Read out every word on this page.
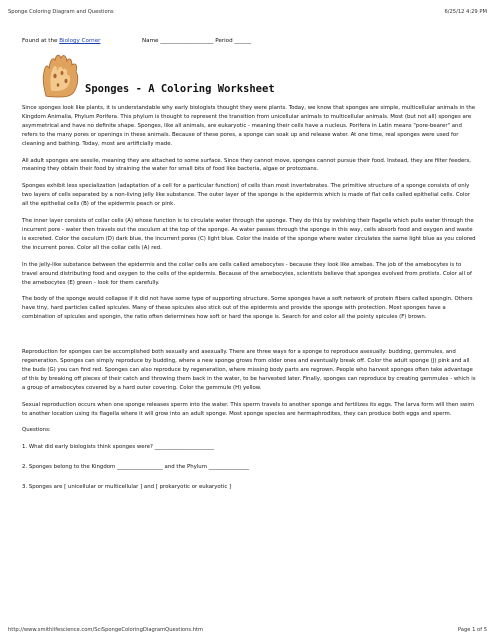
Sponge Coloring Diagram and Questions	6/25/12 4:29 PM
Found at the Biology Corner	Name ___________________ Period ______
Sponges - A Coloring Worksheet

Since sponges look like plants, it is understandable why early biologists thought they were plants. Today, we know that sponges are simple, multicellular animals in the Kingdom Animalia, Phylum Porifera. This phylum is thought to represent the transition from unicellular animals to multicellular animals. Most (but not all) sponges are asymmetrical and have no definite shape. Sponges, like all animals, are eukaryotic - meaning their cells have a nucleus. Porifera in Latin means "pore-bearer" and refers to the many pores or openings in these animals. Because of these pores, a sponge can soak up and release water. At one time, real sponges were used for cleaning and bathing. Today, most are artificially made.

All adult sponges are sessile, meaning they are attached to some surface. Since they cannot move, sponges cannot pursue their food. Instead, they are filter feeders, meaning they obtain their food by straining the water for small bits of food like bacteria, algae or protozoans.

Sponges exhibit less specialization (adaptation of a cell for a particular function) of cells than most invertebrates. The primitive structure of a sponge consists of only two layers of cells separated by a non-living jelly like substance. The outer layer of the sponge is the epidermis which is made of flat cells called epithelial cells. Color all the epithelial cells (B) of the epidermis peach or pink.

The inner layer consists of collar cells (A) whose function is to circulate water through the sponge. They do this by swishing their flagella which pulls water through the incurrent pore - water then travels out the osculum at the top of the sponge. As water passes through the sponge in this way, cells absorb food and oxygen and waste is excreted. Color the osculum (D) dark blue, the incurrent pores (C) light blue. Color the inside of the sponge where water circulates the same light blue as you colored the incurrent pores. Color all the collar cells (A) red.

In the jelly-like substance between the epidermis and the collar cells are cells called amebocytes - because they look like amebas. The job of the amebocytes is to travel around distributing food and oxygen to the cells of the epidermis. Because of the amebocytes, scientists believe that sponges evolved from protists. Color all of the amebocytes (E) green - look for them carefully.

The body of the sponge would collapse if it did not have some type of supporting structure. Some sponges have a soft network of protein fibers called spongin. Others have tiny, hard particles called spicules. Many of these spicules also stick out of the epidermis and provide the sponge with protection. Most sponges have a combination of spicules and spongin, the ratio often determines how soft or hard the sponge is. Search for and color all the pointy spicules (F) brown.

Reproduction for sponges can be accomplished both sexually and asexually. There are three ways for a sponge to reproduce asexually: budding, gemmules, and regeneration. Sponges can simply reproduce by budding, where a new sponge grows from older ones and eventually break off. Color the adult sponge (J) pink and all the buds (G) you can find red. Sponges can also reproduce by regeneration, where missing body parts are regrown. People who harvest sponges often take advantage of this by breaking off pieces of their catch and throwing them back in the water, to be harvested later. Finally, sponges can reproduce by creating gemmules - which is a group of amebocytes covered by a hard outer covering. Color the gemmule (H) yellow.

Sexual reproduction occurs when one sponge releases sperm into the water. This sperm travels to another sponge and fertilizes its eggs. The larva form will then swim to another location using its flagella where it will grow into an adult sponge. Most sponge species are hermaphrodites, they can produce both eggs and sperm.

Questions:

1. What did early biologists think sponges were? ______________________
2. Sponges belong to the Kingdom _________________ and the Phylum _______________
3. Sponges are [ unicellular or multicellular ] and [ prokaryotic or eukaryotic ]
http://www.smithlifescience.com/SciSpongeColoringDiagramQuestions.htm	Page 1 of 5
